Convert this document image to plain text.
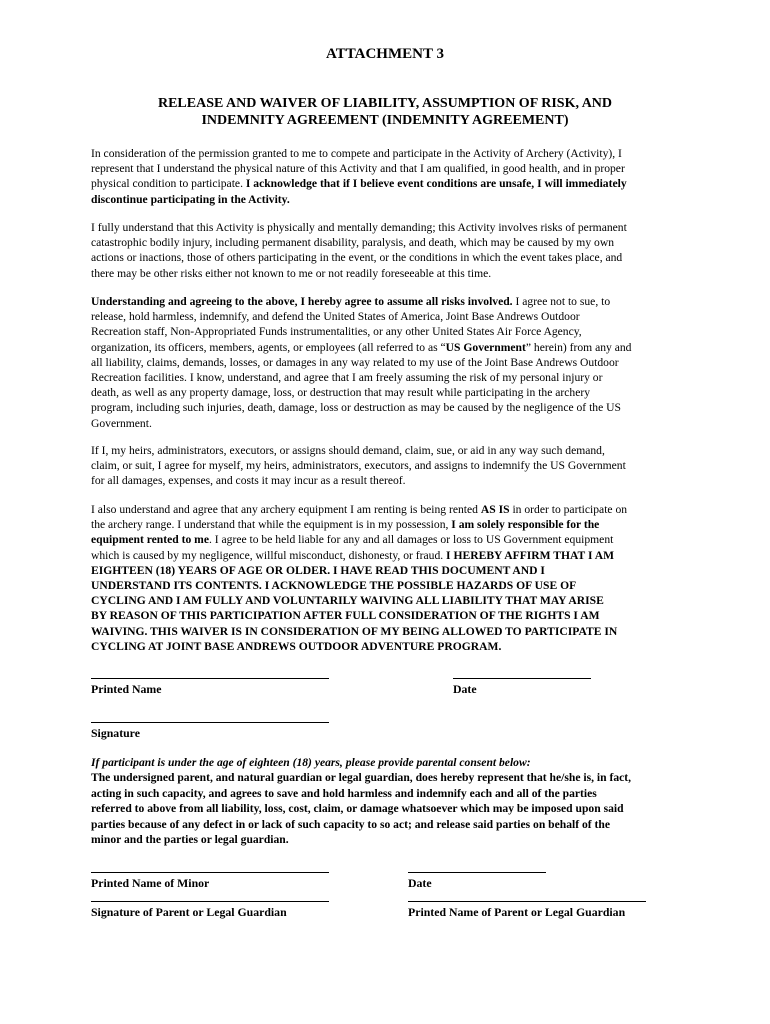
ATTACHMENT 3
RELEASE AND WAIVER OF LIABILITY, ASSUMPTION OF RISK, AND
INDEMNITY AGREEMENT (INDEMNITY AGREEMENT)
In consideration of the permission granted to me to compete and participate in the Activity of Archery (Activity), I
represent that I understand the physical nature of this Activity and that I am qualified, in good health, and in proper
physical condition to participate. I acknowledge that if I believe event conditions are unsafe, I will immediately
discontinue participating in the Activity.
I fully understand that this Activity is physically and mentally demanding; this Activity involves risks of permanent
catastrophic bodily injury, including permanent disability, paralysis, and death, which may be caused by my own
actions or inactions, those of others participating in the event, or the conditions in which the event takes place, and
there may be other risks either not known to me or not readily foreseeable at this time.
Understanding and agreeing to the above, I hereby agree to assume all risks involved. I agree not to sue, to
release, hold harmless, indemnify, and defend the United States of America, Joint Base Andrews Outdoor
Recreation staff, Non-Appropriated Funds instrumentalities, or any other United States Air Force Agency,
organization, its officers, members, agents, or employees (all referred to as “US Government” herein) from any and
all liability, claims, demands, losses, or damages in any way related to my use of the Joint Base Andrews Outdoor
Recreation facilities. I know, understand, and agree that I am freely assuming the risk of my personal injury or
death, as well as any property damage, loss, or destruction that may result while participating in the archery
program, including such injuries, death, damage, loss or destruction as may be caused by the negligence of the US
Government.
If I, my heirs, administrators, executors, or assigns should demand, claim, sue, or aid in any way such demand,
claim, or suit, I agree for myself, my heirs, administrators, executors, and assigns to indemnify the US Government
for all damages, expenses, and costs it may incur as a result thereof.
I also understand and agree that any archery equipment I am renting is being rented AS IS in order to participate on
the archery range. I understand that while the equipment is in my possession, I am solely responsible for the
equipment rented to me. I agree to be held liable for any and all damages or loss to US Government equipment
which is caused by my negligence, willful misconduct, dishonesty, or fraud. I HEREBY AFFIRM THAT I AM
EIGHTEEN (18) YEARS OF AGE OR OLDER. I HAVE READ THIS DOCUMENT AND I
UNDERSTAND ITS CONTENTS. I ACKNOWLEDGE THE POSSIBLE HAZARDS OF USE OF
CYCLING AND I AM FULLY AND VOLUNTARILY WAIVING ALL LIABILITY THAT MAY ARISE
BY REASON OF THIS PARTICIPATION AFTER FULL CONSIDERATION OF THE RIGHTS I AM
WAIVING. THIS WAIVER IS IN CONSIDERATION OF MY BEING ALLOWED TO PARTICIPATE IN
CYCLING AT JOINT BASE ANDREWS OUTDOOR ADVENTURE PROGRAM.
Printed Name	Date
Signature
If participant is under the age of eighteen (18) years, please provide parental consent below:
The undersigned parent, and natural guardian or legal guardian, does hereby represent that he/she is, in fact,
acting in such capacity, and agrees to save and hold harmless and indemnify each and all of the parties
referred to above from all liability, loss, cost, claim, or damage whatsoever which may be imposed upon said
parties because of any defect in or lack of such capacity to so act; and release said parties on behalf of the
minor and the parties or legal guardian.
Printed Name of Minor	Date
Signature of Parent or Legal Guardian	Printed Name of Parent or Legal Guardian
